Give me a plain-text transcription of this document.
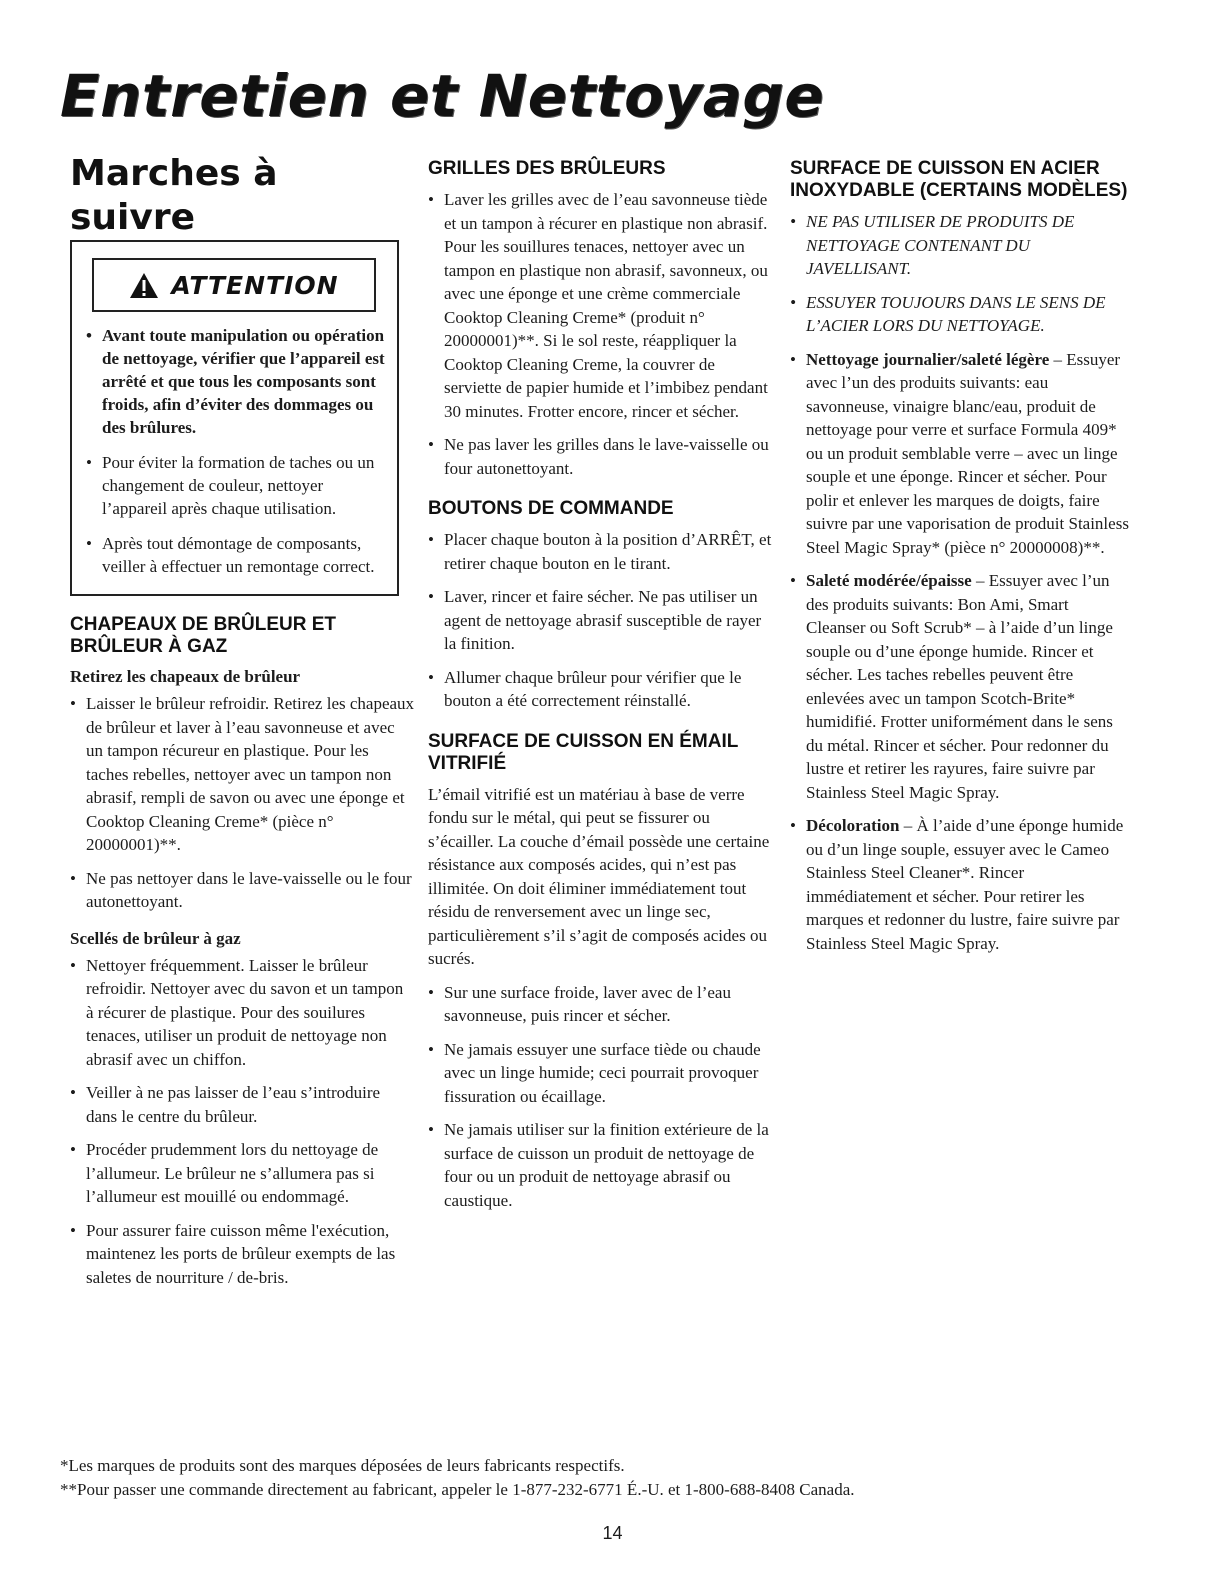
Entretien et Nettoyage
Marches à suivre
ATTENTION
• Avant toute manipulation ou opération de nettoyage, vérifier que l’appareil est arrêté et que tous les composants sont froids, afin d’éviter des dommages ou des brûlures.
• Pour éviter la formation de taches ou un changement de couleur, nettoyer l’appareil après chaque utilisation.
• Après tout démontage de composants, veiller à effectuer un remontage correct.
CHAPEAUX DE BRÛLEUR ET BRÛLEUR À GAZ
Retirez les chapeaux de brûleur
• Laisser le brûleur refroidir. Retirez les chapeaux de brûleur et laver à l’eau savonneuse et avec un tampon récureur en plastique. Pour les taches rebelles, nettoyer avec un tampon non abrasif, rempli de savon ou avec une éponge et Cooktop Cleaning Creme* (pièce n° 20000001)**.
• Ne pas nettoyer dans le lave-vaisselle ou le four autonettoyant.
Scellés de brûleur à gaz
• Nettoyer fréquemment. Laisser le brûleur refroidir. Nettoyer avec du savon et un tampon à récurer de plastique. Pour des souilures tenaces, utiliser un produit de nettoyage non abrasif avec un chiffon.
• Veiller à ne pas laisser de l’eau s’introduire dans le centre du brûleur.
• Procéder prudemment lors du nettoyage de l’allumeur. Le brûleur ne s’allumera pas si l’allumeur est mouillé ou endommagé.
• Pour assurer faire cuisson même l'exécution, maintenez les ports de brûleur exempts de las saletes de nourriture / de-bris.
GRILLES DES BRÛLEURS
• Laver les grilles avec de l’eau savonneuse tiède et un tampon à récurer en plastique non abrasif. Pour les souillures tenaces, nettoyer avec un tampon en plastique non abrasif, savonneux, ou avec une éponge et une crème commerciale Cooktop Cleaning Creme* (produit n° 20000001)**. Si le sol reste, réappliquer la Cooktop Cleaning Creme, la couvrer de serviette de papier humide et l’imbibez pendant 30 minutes. Frotter encore, rincer et sécher.
• Ne pas laver les grilles dans le lave-vaisselle ou four autonettoyant.
BOUTONS DE COMMANDE
• Placer chaque bouton à la position d’ARRÊT, et retirer chaque bouton en le tirant.
• Laver, rincer et faire sécher. Ne pas utiliser un agent de nettoyage abrasif susceptible de rayer la finition.
• Allumer chaque brûleur pour vérifier que le bouton a été correctement réinstallé.
SURFACE DE CUISSON EN ÉMAIL VITRIFIÉ

L’émail vitrifié est un matériau à base de verre fondu sur le métal, qui peut se fissurer ou s’écailler. La couche d’émail possède une certaine résistance aux composés acides, qui n’est pas illimitée. On doit éliminer immédiatement tout résidu de renversement avec un linge sec, particulièrement s’il s’agit de composés acides ou sucrés.

• Sur une surface froide, laver avec de l’eau savonneuse, puis rincer et sécher.
• Ne jamais essuyer une surface tiède ou chaude avec un linge humide; ceci pourrait provoquer fissuration ou écaillage.
• Ne jamais utiliser sur la finition extérieure de la surface de cuisson un produit de nettoyage de four ou un produit de nettoyage abrasif ou caustique.
SURFACE DE CUISSON EN ACIER INOXYDABLE (CERTAINS MODÈLES)
• NE PAS UTILISER DE PRODUITS DE NETTOYAGE CONTENANT DU JAVELLISANT.
• ESSUYER TOUJOURS DANS LE SENS DE L’ACIER LORS DU NETTOYAGE.
• Nettoyage journalier/saleté légère – Essuyer avec l’un des produits suivants: eau savonneuse, vinaigre blanc/eau, produit de nettoyage pour verre et surface Formula 409* ou un produit semblable verre – avec un linge souple et une éponge. Rincer et sécher. Pour polir et enlever les marques de doigts, faire suivre par une vaporisation de produit Stainless Steel Magic Spray* (pièce n° 20000008)**.
• Saleté modérée/épaisse – Essuyer avec l’un des produits suivants: Bon Ami, Smart Cleanser ou Soft Scrub* – à l’aide d’un linge souple ou d’une éponge humide. Rincer et sécher. Les taches rebelles peuvent être enlevées avec un tampon Scotch-Brite* humidifié. Frotter uniformément dans le sens du métal. Rincer et sécher. Pour redonner du lustre et retirer les rayures, faire suivre par Stainless Steel Magic Spray.
• Décoloration – À l’aide d’une éponge humide ou d’un linge souple, essuyer avec le Cameo Stainless Steel Cleaner*. Rincer immédiatement et sécher. Pour retirer les marques et redonner du lustre, faire suivre par Stainless Steel Magic Spray.

*Les marques de produits sont des marques déposées de leurs fabricants respectifs.

**Pour passer une commande directement au fabricant, appeler le 1-877-232-6771 É.-U. et 1-800-688-8408 Canada.

14
